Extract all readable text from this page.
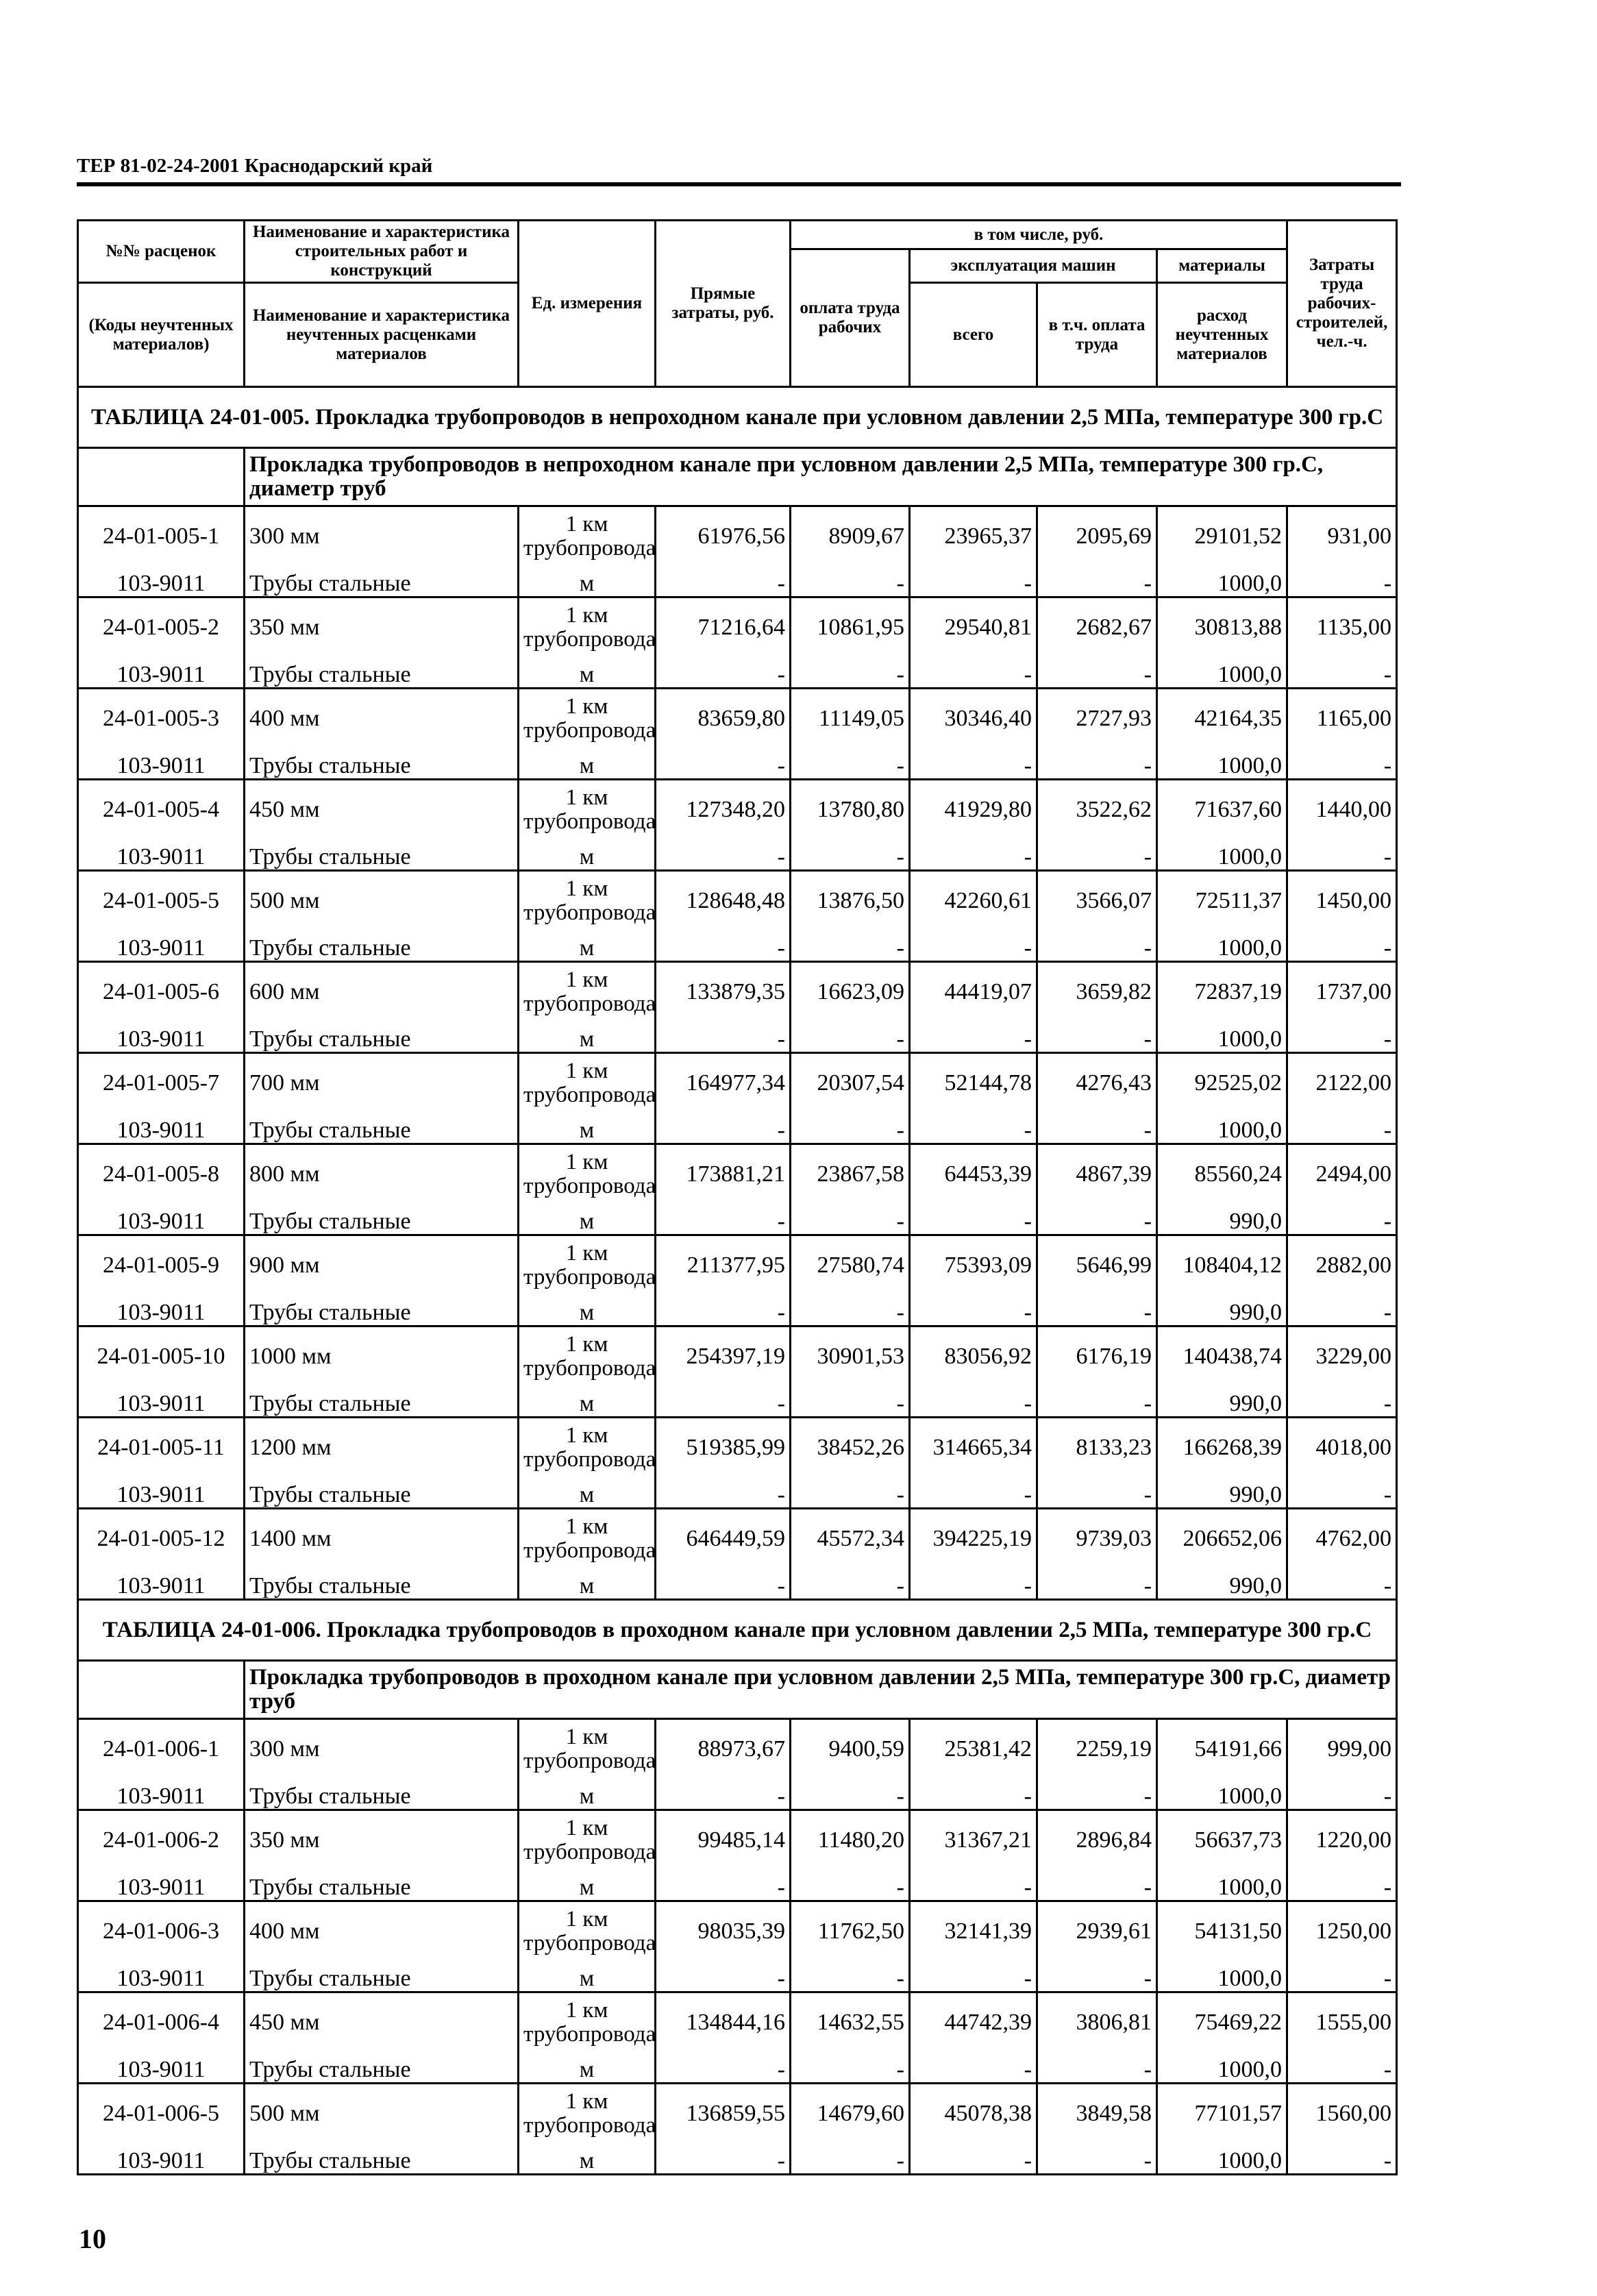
ТЕР 81-02-24-2001 Краснодарский край
№№ расценок	Наименование и характеристика строительных работ и конструкций	Ед. измерения	Прямые затраты, руб.	в том числе, руб.				Затраты труда рабочих-строителей, чел.-ч.
				оплата труда рабочих	эксплуатация машин		материалы	
(Коды неучтенных материалов)	Наименование и характеристика неучтенных расценками материалов				всего	в т.ч. оплата труда	расход неучтенных материалов	

ТАБЛИЦА 24-01-005. Прокладка трубопроводов в непроходном канале при условном давлении 2,5 МПа, температуре 300 гр.С								
	Прокладка трубопроводов в непроходном канале при условном давлении 2,5 МПа, температуре 300 гр.С, диаметр труб							
24-01-005-1	300 мм	1 км трубопровода	61976,56	8909,67	23965,37	2095,69	29101,52	931,00
103-9011	Трубы стальные	м	-	-	-	-	1000,0	-
24-01-005-2	350 мм	1 км трубопровода	71216,64	10861,95	29540,81	2682,67	30813,88	1135,00
103-9011	Трубы стальные	м	-	-	-	-	1000,0	-
24-01-005-3	400 мм	1 км трубопровода	83659,80	11149,05	30346,40	2727,93	42164,35	1165,00
103-9011	Трубы стальные	м	-	-	-	-	1000,0	-
24-01-005-4	450 мм	1 км трубопровода	127348,20	13780,80	41929,80	3522,62	71637,60	1440,00
103-9011	Трубы стальные	м	-	-	-	-	1000,0	-
24-01-005-5	500 мм	1 км трубопровода	128648,48	13876,50	42260,61	3566,07	72511,37	1450,00
103-9011	Трубы стальные	м	-	-	-	-	1000,0	-
24-01-005-6	600 мм	1 км трубопровода	133879,35	16623,09	44419,07	3659,82	72837,19	1737,00
103-9011	Трубы стальные	м	-	-	-	-	1000,0	-
24-01-005-7	700 мм	1 км трубопровода	164977,34	20307,54	52144,78	4276,43	92525,02	2122,00
103-9011	Трубы стальные	м	-	-	-	-	1000,0	-
24-01-005-8	800 мм	1 км трубопровода	173881,21	23867,58	64453,39	4867,39	85560,24	2494,00
103-9011	Трубы стальные	м	-	-	-	-	990,0	-
24-01-005-9	900 мм	1 км трубопровода	211377,95	27580,74	75393,09	5646,99	108404,12	2882,00
103-9011	Трубы стальные	м	-	-	-	-	990,0	-
24-01-005-10	1000 мм	1 км трубопровода	254397,19	30901,53	83056,92	6176,19	140438,74	3229,00
103-9011	Трубы стальные	м	-	-	-	-	990,0	-
24-01-005-11	1200 мм	1 км трубопровода	519385,99	38452,26	314665,34	8133,23	166268,39	4018,00
103-9011	Трубы стальные	м	-	-	-	-	990,0	-
24-01-005-12	1400 мм	1 км трубопровода	646449,59	45572,34	394225,19	9739,03	206652,06	4762,00
103-9011	Трубы стальные	м	-	-	-	-	990,0	-
ТАБЛИЦА 24-01-006. Прокладка трубопроводов в проходном канале при условном давлении 2,5 МПа, температуре 300 гр.С								
	Прокладка трубопроводов в проходном канале при условном давлении 2,5 МПа, температуре 300 гр.С, диаметр труб							
24-01-006-1	300 мм	1 км трубопровода	88973,67	9400,59	25381,42	2259,19	54191,66	999,00
103-9011	Трубы стальные	м	-	-	-	-	1000,0	-
24-01-006-2	350 мм	1 км трубопровода	99485,14	11480,20	31367,21	2896,84	56637,73	1220,00
103-9011	Трубы стальные	м	-	-	-	-	1000,0	-
24-01-006-3	400 мм	1 км трубопровода	98035,39	11762,50	32141,39	2939,61	54131,50	1250,00
103-9011	Трубы стальные	м	-	-	-	-	1000,0	-
24-01-006-4	450 мм	1 км трубопровода	134844,16	14632,55	44742,39	3806,81	75469,22	1555,00
103-9011	Трубы стальные	м	-	-	-	-	1000,0	-
24-01-006-5	500 мм	1 км трубопровода	136859,55	14679,60	45078,38	3849,58	77101,57	1560,00
103-9011	Трубы стальные	м	-	-	-	-	1000,0	-
10
